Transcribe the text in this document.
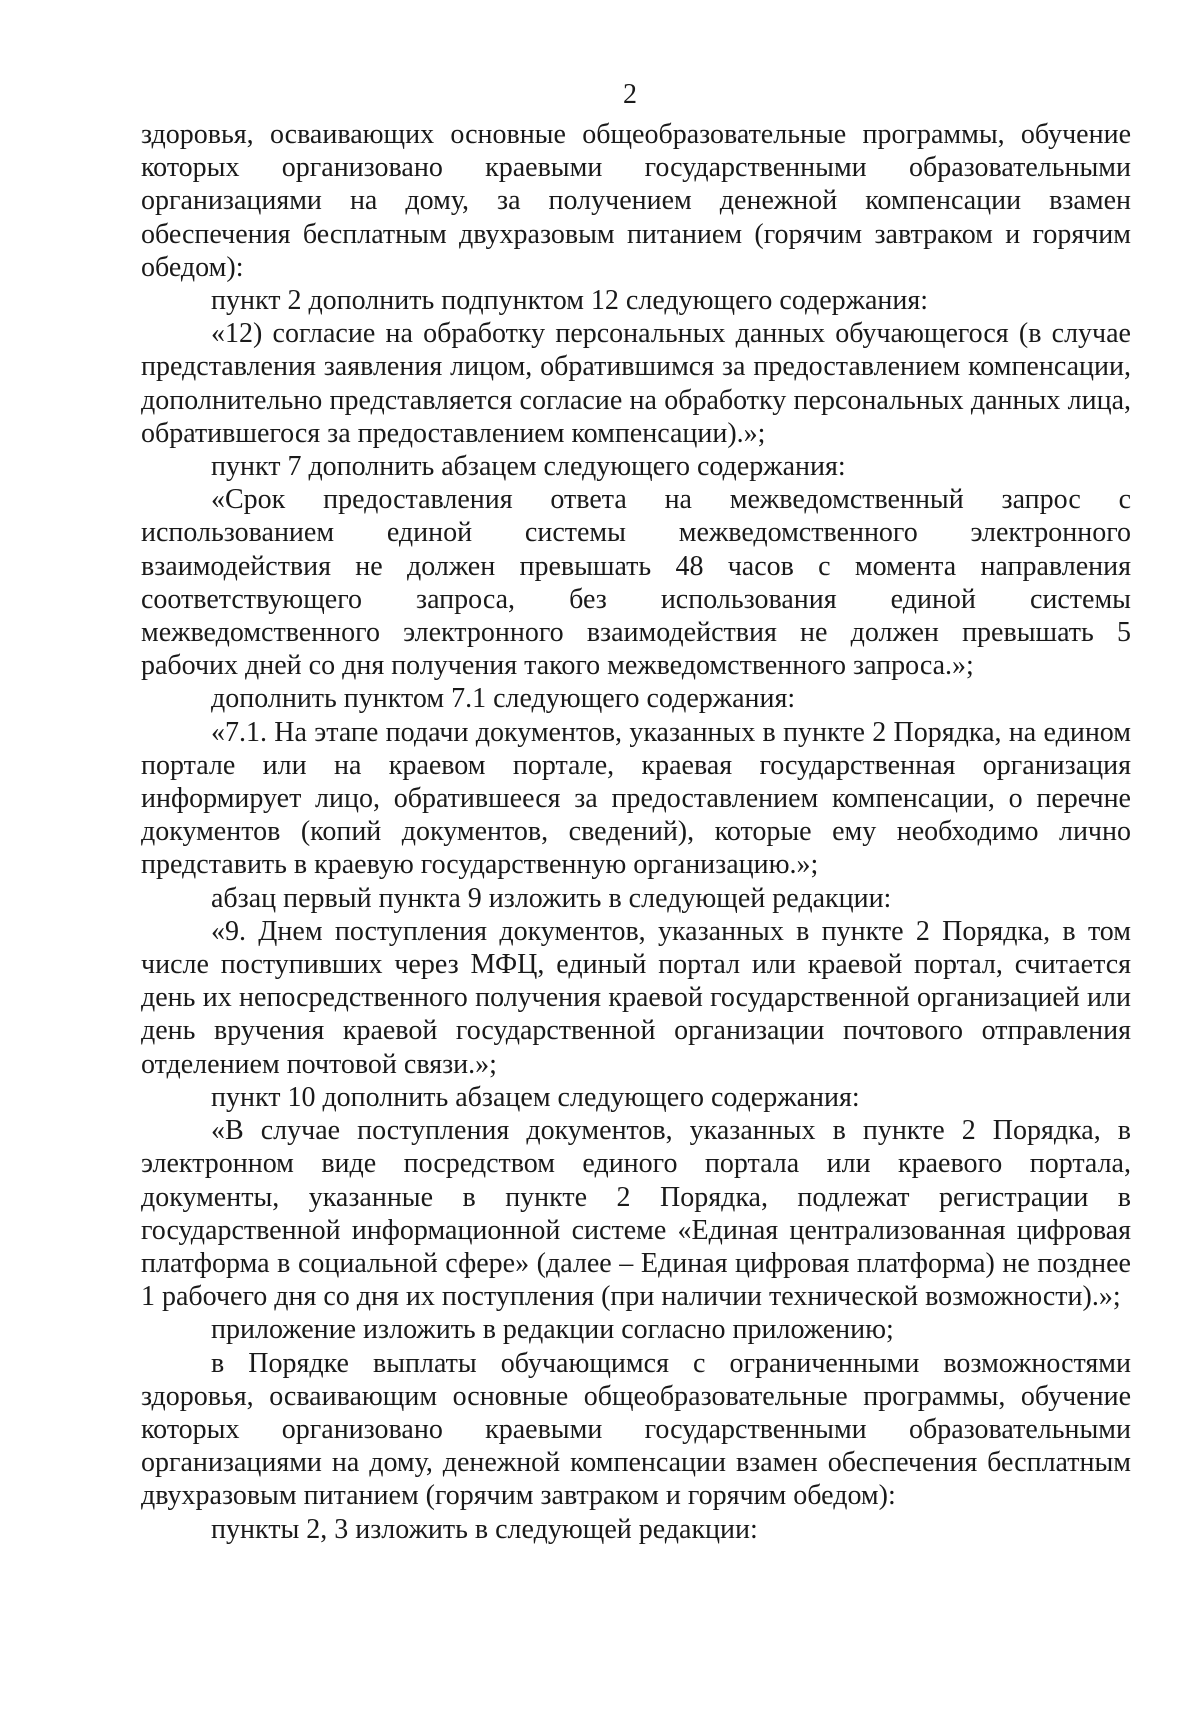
2

здоровья, осваивающих основные общеобразовательные программы, обучение которых организовано краевыми государственными образовательными организациями на дому, за получением денежной компенсации взамен обеспечения бесплатным двухразовым питанием (горячим завтраком и горячим обедом):

пункт 2 дополнить подпунктом 12 следующего содержания:

«12) согласие на обработку персональных данных обучающегося (в случае представления заявления лицом, обратившимся за предоставлением компенсации, дополнительно представляется согласие на обработку персональных данных лица, обратившегося за предоставлением компенсации).»;

пункт 7 дополнить абзацем следующего содержания:

«Срок предоставления ответа на межведомственный запрос с использованием единой системы межведомственного электронного взаимодействия не должен превышать 48 часов с момента направления соответствующего запроса, без использования единой системы межведомственного электронного взаимодействия не должен превышать 5 рабочих дней со дня получения такого межведомственного запроса.»;

дополнить пунктом 7.1 следующего содержания:

«7.1. На этапе подачи документов, указанных в пункте 2 Порядка, на едином портале или на краевом портале, краевая государственная организация информирует лицо, обратившееся за предоставлением компенсации, о перечне документов (копий документов, сведений), которые ему необходимо лично представить в краевую государственную организацию.»;

абзац первый пункта 9 изложить в следующей редакции:

«9. Днем поступления документов, указанных в пункте 2 Порядка, в том числе поступивших через МФЦ, единый портал или краевой портал, считается день их непосредственного получения краевой государственной организацией или день вручения краевой государственной организации почтового отправления отделением почтовой связи.»;

пункт 10 дополнить абзацем следующего содержания:

«В случае поступления документов, указанных в пункте 2 Порядка, в электронном виде посредством единого портала или краевого портала, документы, указанные в пункте 2 Порядка, подлежат регистрации в государственной информационной системе «Единая централизованная цифровая платформа в социальной сфере» (далее – Единая цифровая платформа) не позднее 1 рабочего дня со дня их поступления (при наличии технической возможности).»;

приложение изложить в редакции согласно приложению;

в Порядке выплаты обучающимся с ограниченными возможностями здоровья, осваивающим основные общеобразовательные программы, обучение которых организовано краевыми государственными образовательными организациями на дому, денежной компенсации взамен обеспечения бесплатным двухразовым питанием (горячим завтраком и горячим обедом):

пункты 2, 3 изложить в следующей редакции:
